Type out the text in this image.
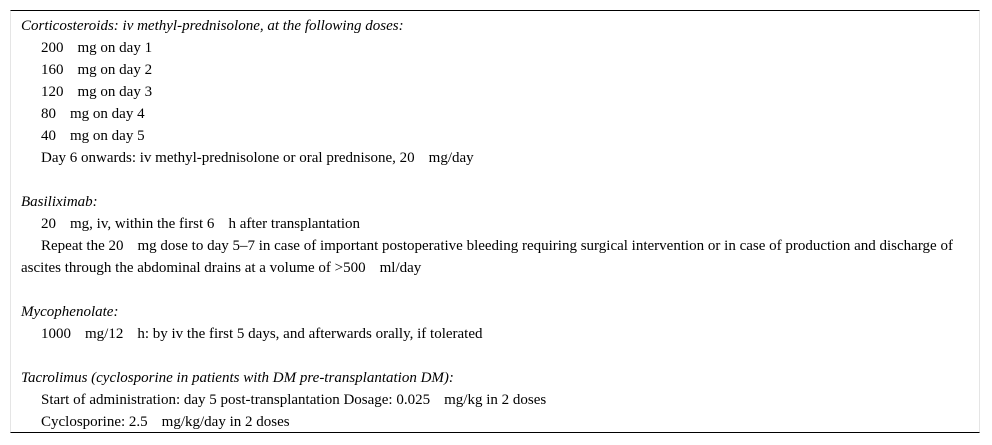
Corticosteroids: iv methyl-prednisolone, at the following doses:
200 mg on day 1
160 mg on day 2
120 mg on day 3
80 mg on day 4
40 mg on day 5
Day 6 onwards: iv methyl-prednisolone or oral prednisone, 20 mg/day
Basiliximab:
20 mg, iv, within the first 6 h after transplantation
Repeat the 20 mg dose to day 5–7 in case of important postoperative bleeding requiring surgical intervention or in case of production and discharge of ascites through the abdominal drains at a volume of >500 ml/day
Mycophenolate:
1000 mg/12 h: by iv the first 5 days, and afterwards orally, if tolerated
Tacrolimus (cyclosporine in patients with DM pre-transplantation DM):
Start of administration: day 5 post-transplantation Dosage: 0.025 mg/kg in 2 doses
Cyclosporine: 2.5 mg/kg/day in 2 doses
